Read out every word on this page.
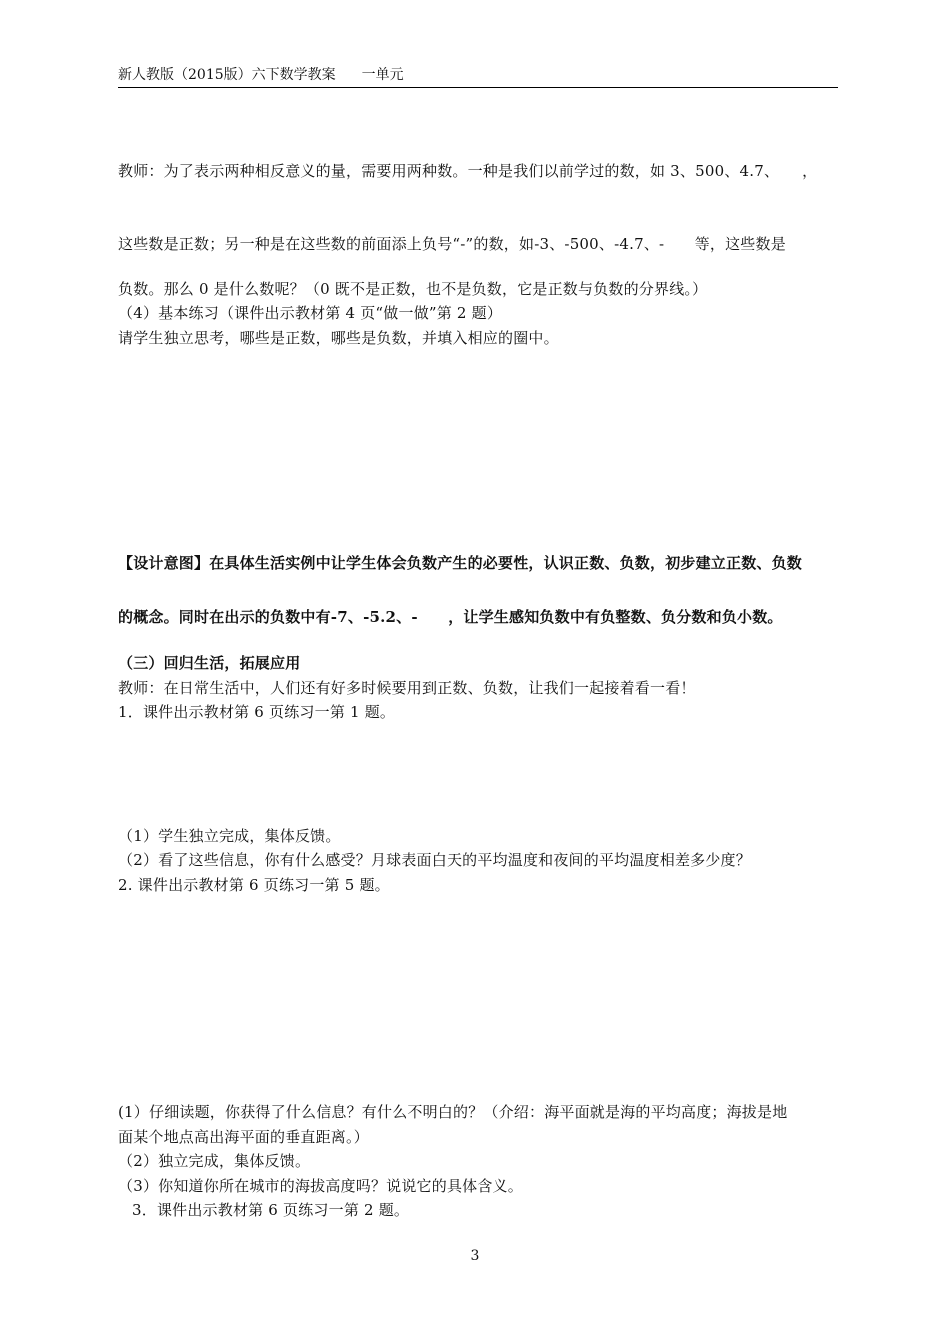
新人教版（2015版）六下数学教案 一单元
教师：为了表示两种相反意义的量，需要用两种数。一种是我们以前学过的数，如 3、500、4.7、　　，
这些数是正数；另一种是在这些数的前面添上负号“-”的数，如-3、-500、-4.7、-　　等，这些数是
负数。那么 0 是什么数呢？（0 既不是正数，也不是负数，它是正数与负数的分界线。）
（4）基本练习（课件出示教材第 4 页“做一做”第 2 题）
请学生独立思考，哪些是正数，哪些是负数，并填入相应的圈中。
【设计意图】在具体生活实例中让学生体会负数产生的必要性，认识正数、负数，初步建立正数、负数
的概念。同时在出示的负数中有-7、-5.2、-　　，让学生感知负数中有负整数、负分数和负小数。
（三）回归生活，拓展应用
教师：在日常生活中，人们还有好多时候要用到正数、负数，让我们一起接着看一看！
1．课件出示教材第 6 页练习一第 1 题。
（1）学生独立完成，集体反馈。
（2）看了这些信息，你有什么感受？月球表面白天的平均温度和夜间的平均温度相差多少度？
2. 课件出示教材第 6 页练习一第 5 题。
(1）仔细读题，你获得了什么信息？有什么不明白的？（介绍：海平面就是海的平均高度；海拔是地
面某个地点高出海平面的垂直距离。）
（2）独立完成，集体反馈。
（3）你知道你所在城市的海拔高度吗？说说它的具体含义。
3．课件出示教材第 6 页练习一第 2 题。
3
